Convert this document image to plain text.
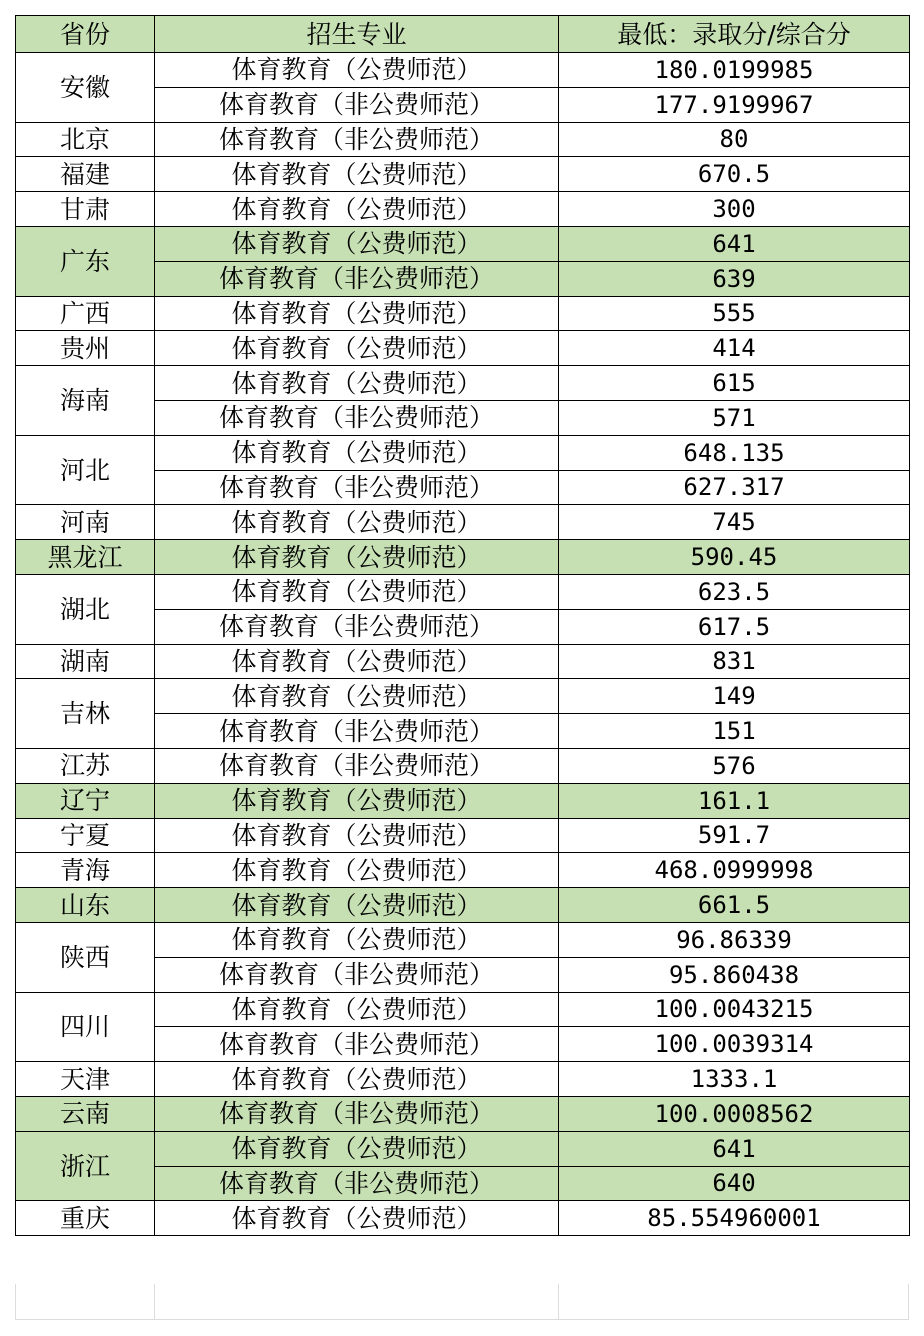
省份	招生专业	最低：录取分/综合分
安徽	体育教育（公费师范）	180.0199985
	体育教育（非公费师范）	177.9199967
北京	体育教育（非公费师范）	80
福建	体育教育（公费师范）	670.5
甘肃	体育教育（公费师范）	300
广东	体育教育（公费师范）	641
	体育教育（非公费师范）	639
广西	体育教育（公费师范）	555
贵州	体育教育（公费师范）	414
海南	体育教育（公费师范）	615
	体育教育（非公费师范）	571
河北	体育教育（公费师范）	648.135
	体育教育（非公费师范）	627.317
河南	体育教育（公费师范）	745
黑龙江	体育教育（公费师范）	590.45
湖北	体育教育（公费师范）	623.5
	体育教育（非公费师范）	617.5
湖南	体育教育（公费师范）	831
吉林	体育教育（公费师范）	149
	体育教育（非公费师范）	151
江苏	体育教育（非公费师范）	576
辽宁	体育教育（公费师范）	161.1
宁夏	体育教育（公费师范）	591.7
青海	体育教育（公费师范）	468.0999998
山东	体育教育（公费师范）	661.5
陕西	体育教育（公费师范）	96.86339
	体育教育（非公费师范）	95.860438
四川	体育教育（公费师范）	100.0043215
	体育教育（非公费师范）	100.0039314
天津	体育教育（公费师范）	1333.1
云南	体育教育（非公费师范）	100.0008562
浙江	体育教育（公费师范）	641
	体育教育（非公费师范）	640
重庆	体育教育（公费师范）	85.554960001
